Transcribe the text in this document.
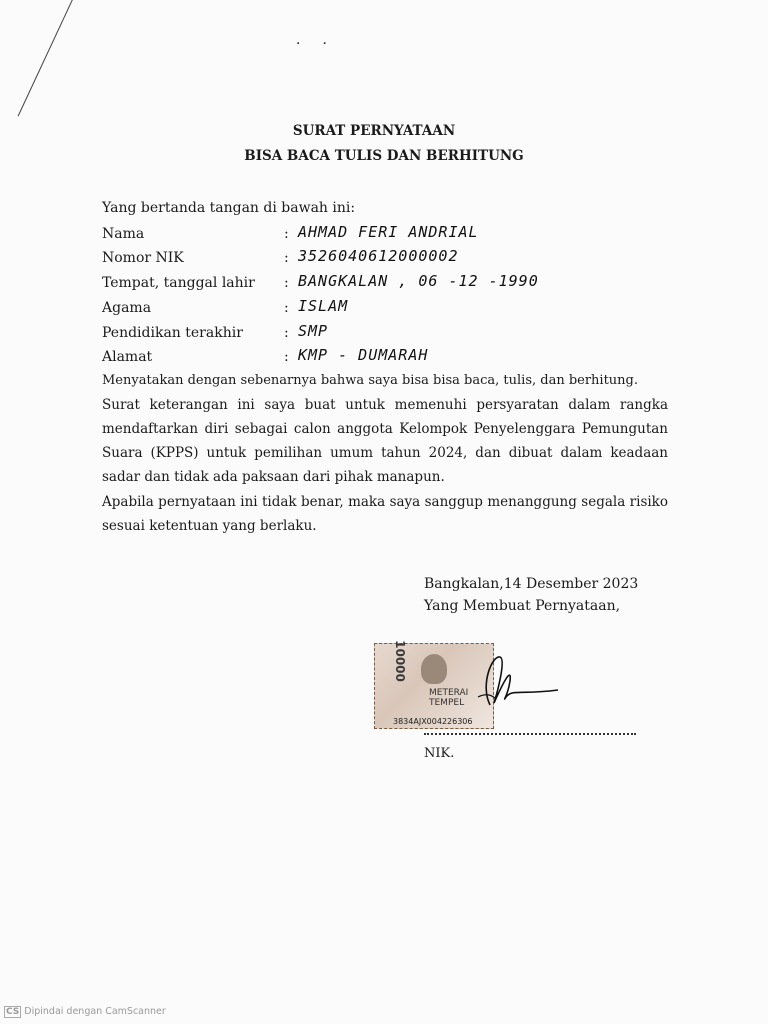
··
SURAT PERNYATAAN
BISA BACA TULIS DAN BERHITUNG
Yang bertanda tangan di bawah ini:
Nama	: AHMAD FERI ANDRIAL
Nomor NIK	: 3526040612000002
Tempat, tanggal lahir : BANGKALAN , 06 -12 -1990
Agama	: ISLAM
Pendidikan terakhir	: SMP
Alamat	: KMP - DUMARAH
Menyatakan dengan sebenarnya bahwa saya bisa bisa baca, tulis, dan berhitung.
Surat keterangan ini saya buat untuk memenuhi persyaratan dalam rangka mendaftarkan diri sebagai calon anggota Kelompok Penyelenggara Pemungutan Suara (KPPS) untuk pemilihan umum tahun 2024, dan dibuat dalam keadaan sadar dan tidak ada paksaan dari pihak manapun.
Apabila pernyataan ini tidak benar, maka saya sanggup menanggung segala risiko sesuai ketentuan yang berlaku.
Bangkalan,14 Desember 2023
Yang Membuat Pernyataan,
10000
METERAI
TEMPEL
3834AJX004226306
NIK.
CS Dipindai dengan CamScanner
